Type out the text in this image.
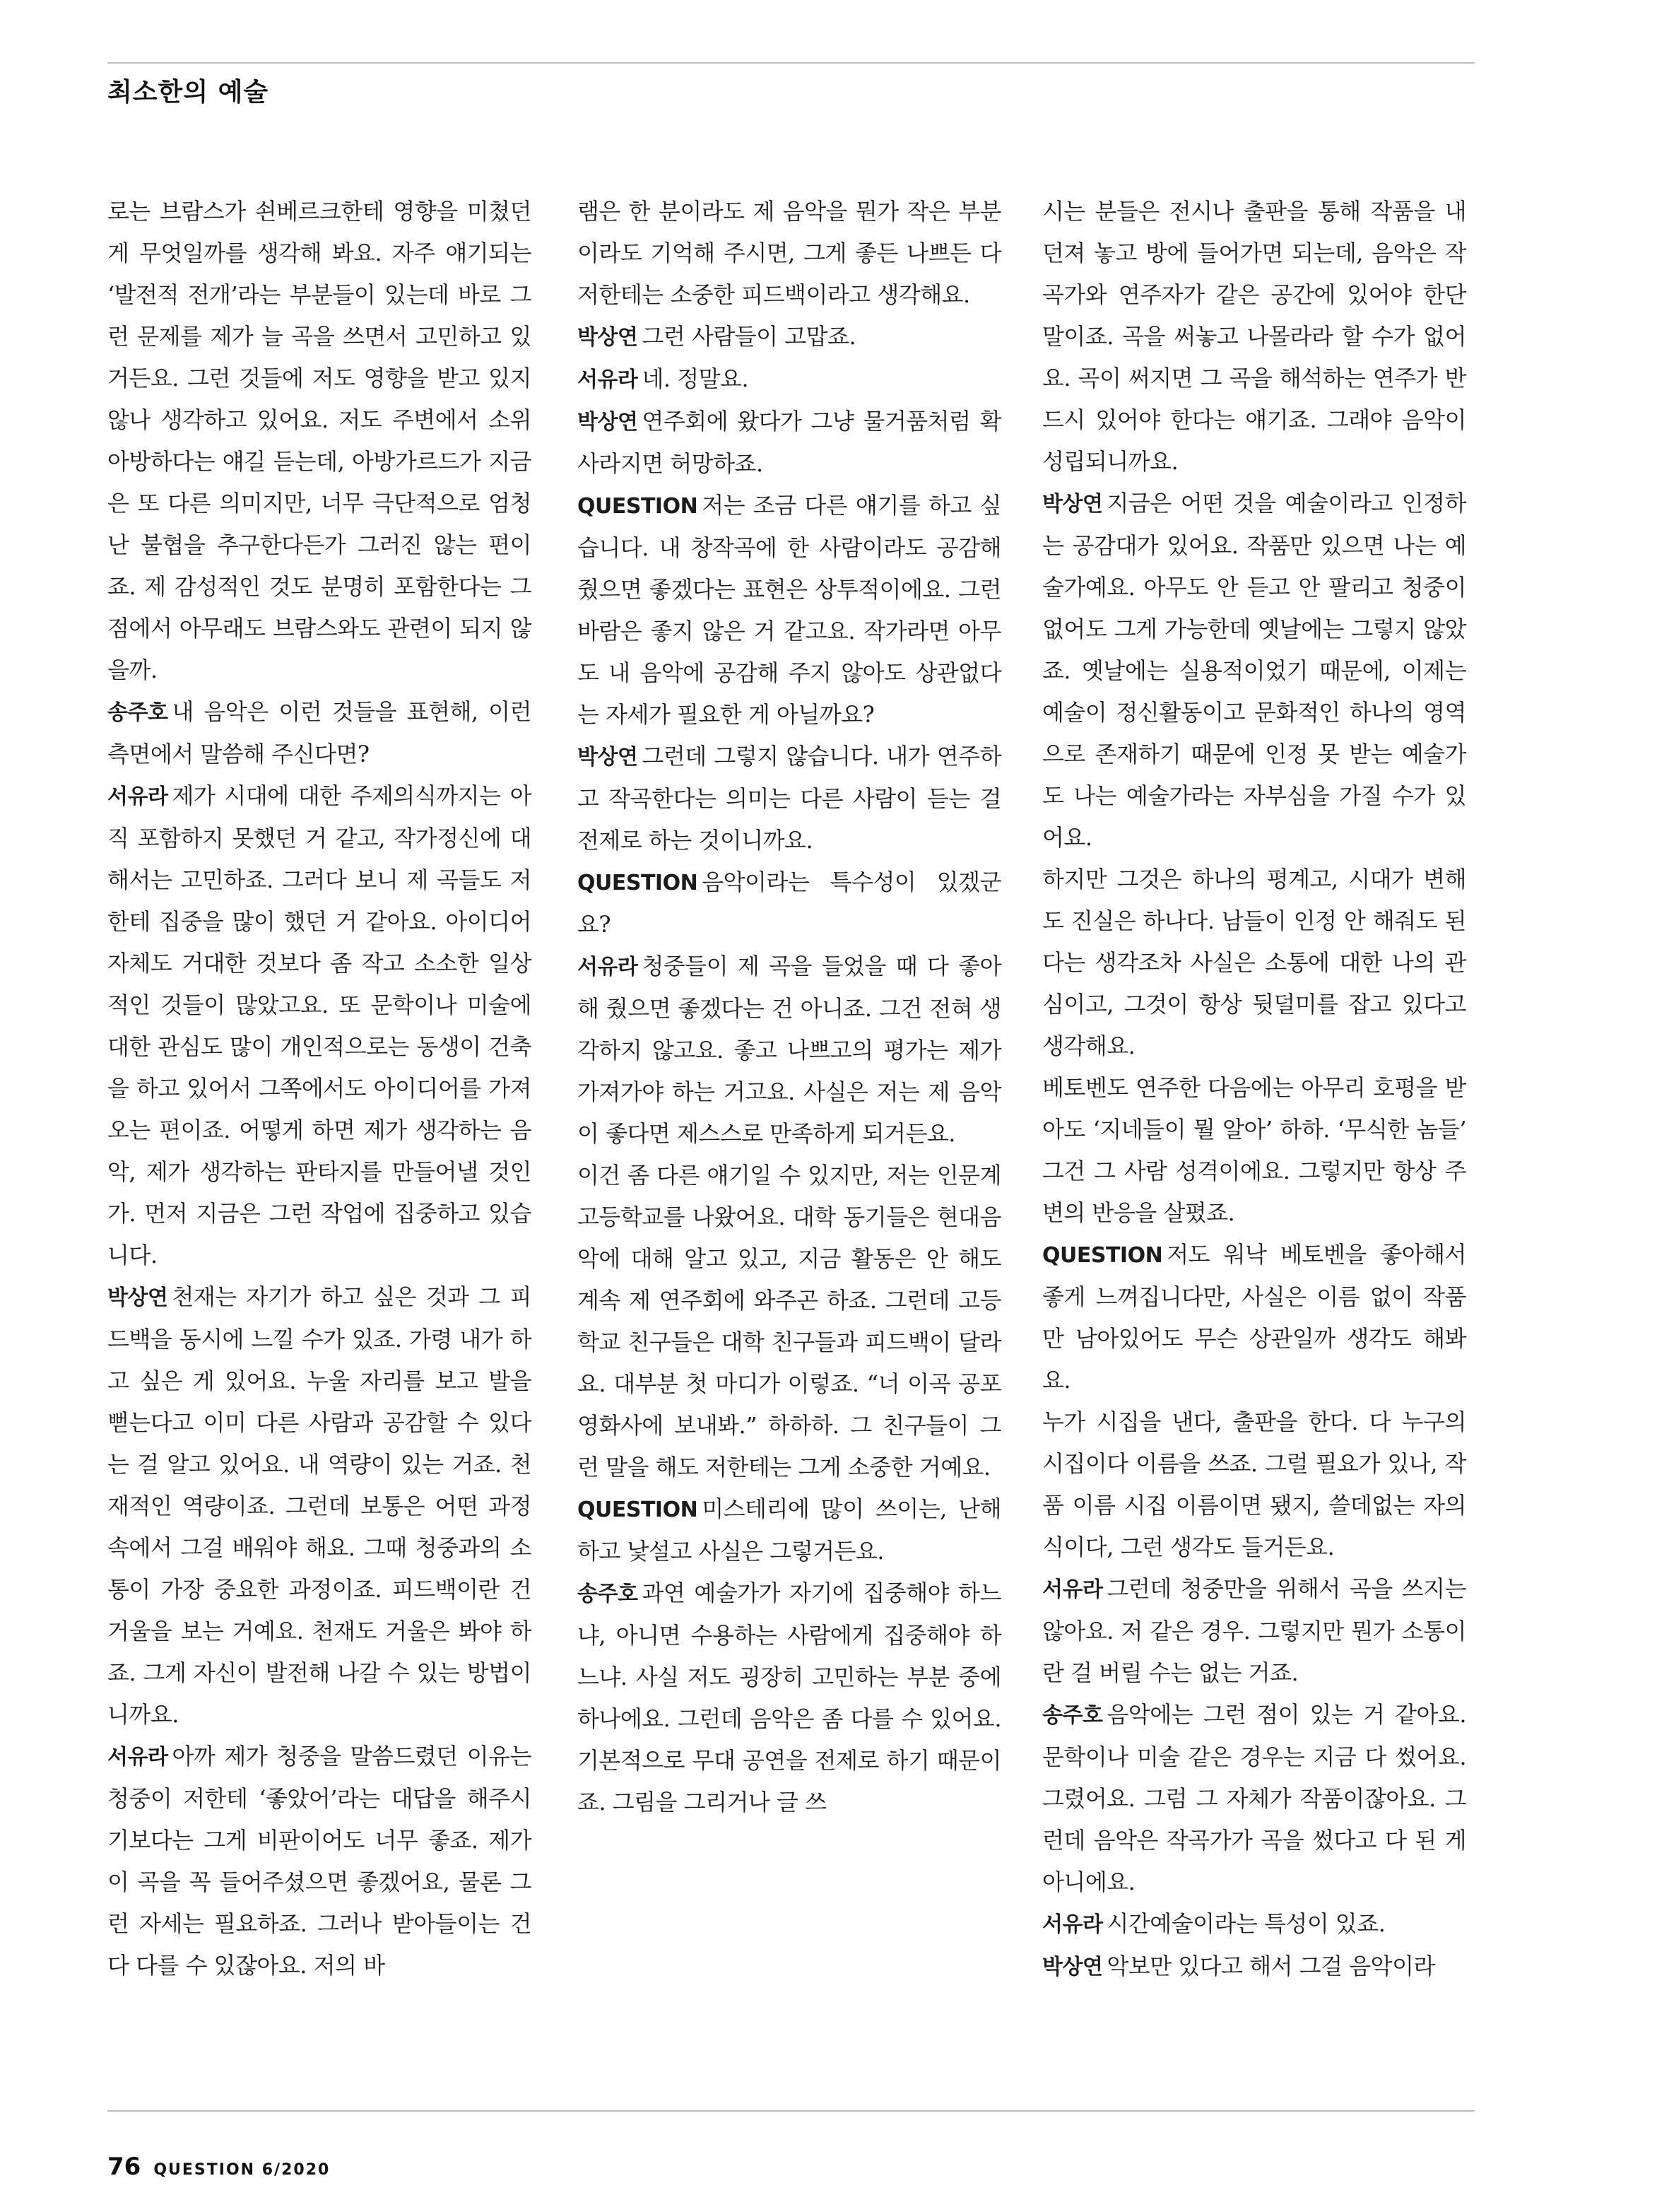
최소한의 예술

로는 브람스가 쇤베르크한테 영향을 미쳤던 게 무엇일까를 생각해 봐요. 자주 얘기되는 ‘발전적 전개’라는 부분들이 있는데 바로 그런 문제를 제가 늘 곡을 쓰면서 고민하고 있거든요. 그런 것들에 저도 영향을 받고 있지 않나 생각하고 있어요. 저도 주변에서 소위 아방하다는 얘길 듣는데, 아방가르드가 지금은 또 다른 의미지만, 너무 극단적으로 엄청난 불협을 추구한다든가 그러진 않는 편이죠. 제 감성적인 것도 분명히 포함한다는 그 점에서 아무래도 브람스와도 관련이 되지 않을까.

송주호 내 음악은 이런 것들을 표현해, 이런 측면에서 말씀해 주신다면?

서유라 제가 시대에 대한 주제의식까지는 아직 포함하지 못했던 거 같고, 작가정신에 대해서는 고민하죠. 그러다 보니 제 곡들도 저한테 집중을 많이 했던 거 같아요. 아이디어 자체도 거대한 것보다 좀 작고 소소한 일상적인 것들이 많았고요. 또 문학이나 미술에 대한 관심도 많이 개인적으로는 동생이 건축을 하고 있어서 그쪽에서도 아이디어를 가져 오는 편이죠. 어떻게 하면 제가 생각하는 음악, 제가 생각하는 판타지를 만들어낼 것인가. 먼저 지금은 그런 작업에 집중하고 있습니다.

박상연 천재는 자기가 하고 싶은 것과 그 피드백을 동시에 느낄 수가 있죠. 가령 내가 하고 싶은 게 있어요. 누울 자리를 보고 발을 뻗는다고 이미 다른 사람과 공감할 수 있다는 걸 알고 있어요. 내 역량이 있는 거죠. 천재적인 역량이죠. 그런데 보통은 어떤 과정 속에서 그걸 배워야 해요. 그때 청중과의 소통이 가장 중요한 과정이죠. 피드백이란 건 거울을 보는 거예요. 천재도 거울은 봐야 하죠. 그게 자신이 발전해 나갈 수 있는 방법이니까요.

서유라 아까 제가 청중을 말씀드렸던 이유는 청중이 저한테 ‘좋았어’라는 대답을 해주시기보다는 그게 비판이어도 너무 좋죠. 제가 이 곡을 꼭 들어주셨으면 좋겠어요, 물론 그런 자세는 필요하죠. 그러나 받아들이는 건 다 다를 수 있잖아요. 저의 바

램은 한 분이라도 제 음악을 뭔가 작은 부분이라도 기억해 주시면, 그게 좋든 나쁘든 다 저한테는 소중한 피드백이라고 생각해요.

박상연 그런 사람들이 고맙죠.

서유라 네. 정말요.

박상연 연주회에 왔다가 그냥 물거품처럼 확 사라지면 허망하죠.

QUESTION 저는 조금 다른 얘기를 하고 싶습니다. 내 창작곡에 한 사람이라도 공감해 줬으면 좋겠다는 표현은 상투적이에요. 그런 바람은 좋지 않은 거 같고요. 작가라면 아무도 내 음악에 공감해 주지 않아도 상관없다는 자세가 필요한 게 아닐까요?

박상연 그런데 그렇지 않습니다. 내가 연주하고 작곡한다는 의미는 다른 사람이 듣는 걸 전제로 하는 것이니까요.

QUESTION 음악이라는 특수성이 있겠군요?

서유라 청중들이 제 곡을 들었을 때 다 좋아해 줬으면 좋겠다는 건 아니죠. 그건 전혀 생각하지 않고요. 좋고 나쁘고의 평가는 제가 가져가야 하는 거고요. 사실은 저는 제 음악이 좋다면 제스스로 만족하게 되거든요.

이건 좀 다른 얘기일 수 있지만, 저는 인문계 고등학교를 나왔어요. 대학 동기들은 현대음악에 대해 알고 있고, 지금 활동은 안 해도 계속 제 연주회에 와주곤 하죠. 그런데 고등학교 친구들은 대학 친구들과 피드백이 달라요. 대부분 첫 마디가 이렇죠. “너 이곡 공포 영화사에 보내봐.” 하하하. 그 친구들이 그런 말을 해도 저한테는 그게 소중한 거예요.

QUESTION 미스테리에 많이 쓰이는, 난해하고 낯설고 사실은 그렇거든요.

송주호 과연 예술가가 자기에 집중해야 하느냐, 아니면 수용하는 사람에게 집중해야 하느냐. 사실 저도 굉장히 고민하는 부분 중에 하나에요. 그런데 음악은 좀 다를 수 있어요. 기본적으로 무대 공연을 전제로 하기 때문이죠. 그림을 그리거나 글 쓰

시는 분들은 전시나 출판을 통해 작품을 내던져 놓고 방에 들어가면 되는데, 음악은 작곡가와 연주자가 같은 공간에 있어야 한단 말이죠. 곡을 써놓고 나몰라라 할 수가 없어요. 곡이 써지면 그 곡을 해석하는 연주가 반드시 있어야 한다는 얘기죠. 그래야 음악이 성립되니까요.

박상연 지금은 어떤 것을 예술이라고 인정하는 공감대가 있어요. 작품만 있으면 나는 예술가예요. 아무도 안 듣고 안 팔리고 청중이 없어도 그게 가능한데 옛날에는 그렇지 않았죠. 옛날에는 실용적이었기 때문에, 이제는 예술이 정신활동이고 문화적인 하나의 영역으로 존재하기 때문에 인정 못 받는 예술가도 나는 예술가라는 자부심을 가질 수가 있어요.

하지만 그것은 하나의 평계고, 시대가 변해도 진실은 하나다. 남들이 인정 안 해줘도 된다는 생각조차 사실은 소통에 대한 나의 관심이고, 그것이 항상 뒷덜미를 잡고 있다고 생각해요.

베토벤도 연주한 다음에는 아무리 호평을 받아도 ‘지네들이 뭘 알아’ 하하. ‘무식한 놈들’ 그건 그 사람 성격이에요. 그렇지만 항상 주변의 반응을 살폈죠.

QUESTION 저도 워낙 베토벤을 좋아해서 좋게 느껴집니다만, 사실은 이름 없이 작품만 남아있어도 무슨 상관일까 생각도 해봐요.

누가 시집을 낸다, 출판을 한다. 다 누구의 시집이다 이름을 쓰죠. 그럴 필요가 있나, 작품 이름 시집 이름이면 됐지, 쓸데없는 자의식이다, 그런 생각도 들거든요.

서유라 그런데 청중만을 위해서 곡을 쓰지는 않아요. 저 같은 경우. 그렇지만 뭔가 소통이란 걸 버릴 수는 없는 거죠.

송주호 음악에는 그런 점이 있는 거 같아요. 문학이나 미술 같은 경우는 지금 다 썼어요. 그렸어요. 그럼 그 자체가 작품이잖아요. 그런데 음악은 작곡가가 곡을 썼다고 다 된 게 아니에요.

서유라 시간예술이라는 특성이 있죠.

박상연 악보만 있다고 해서 그걸 음악이라

76 QUESTION 6/2020
